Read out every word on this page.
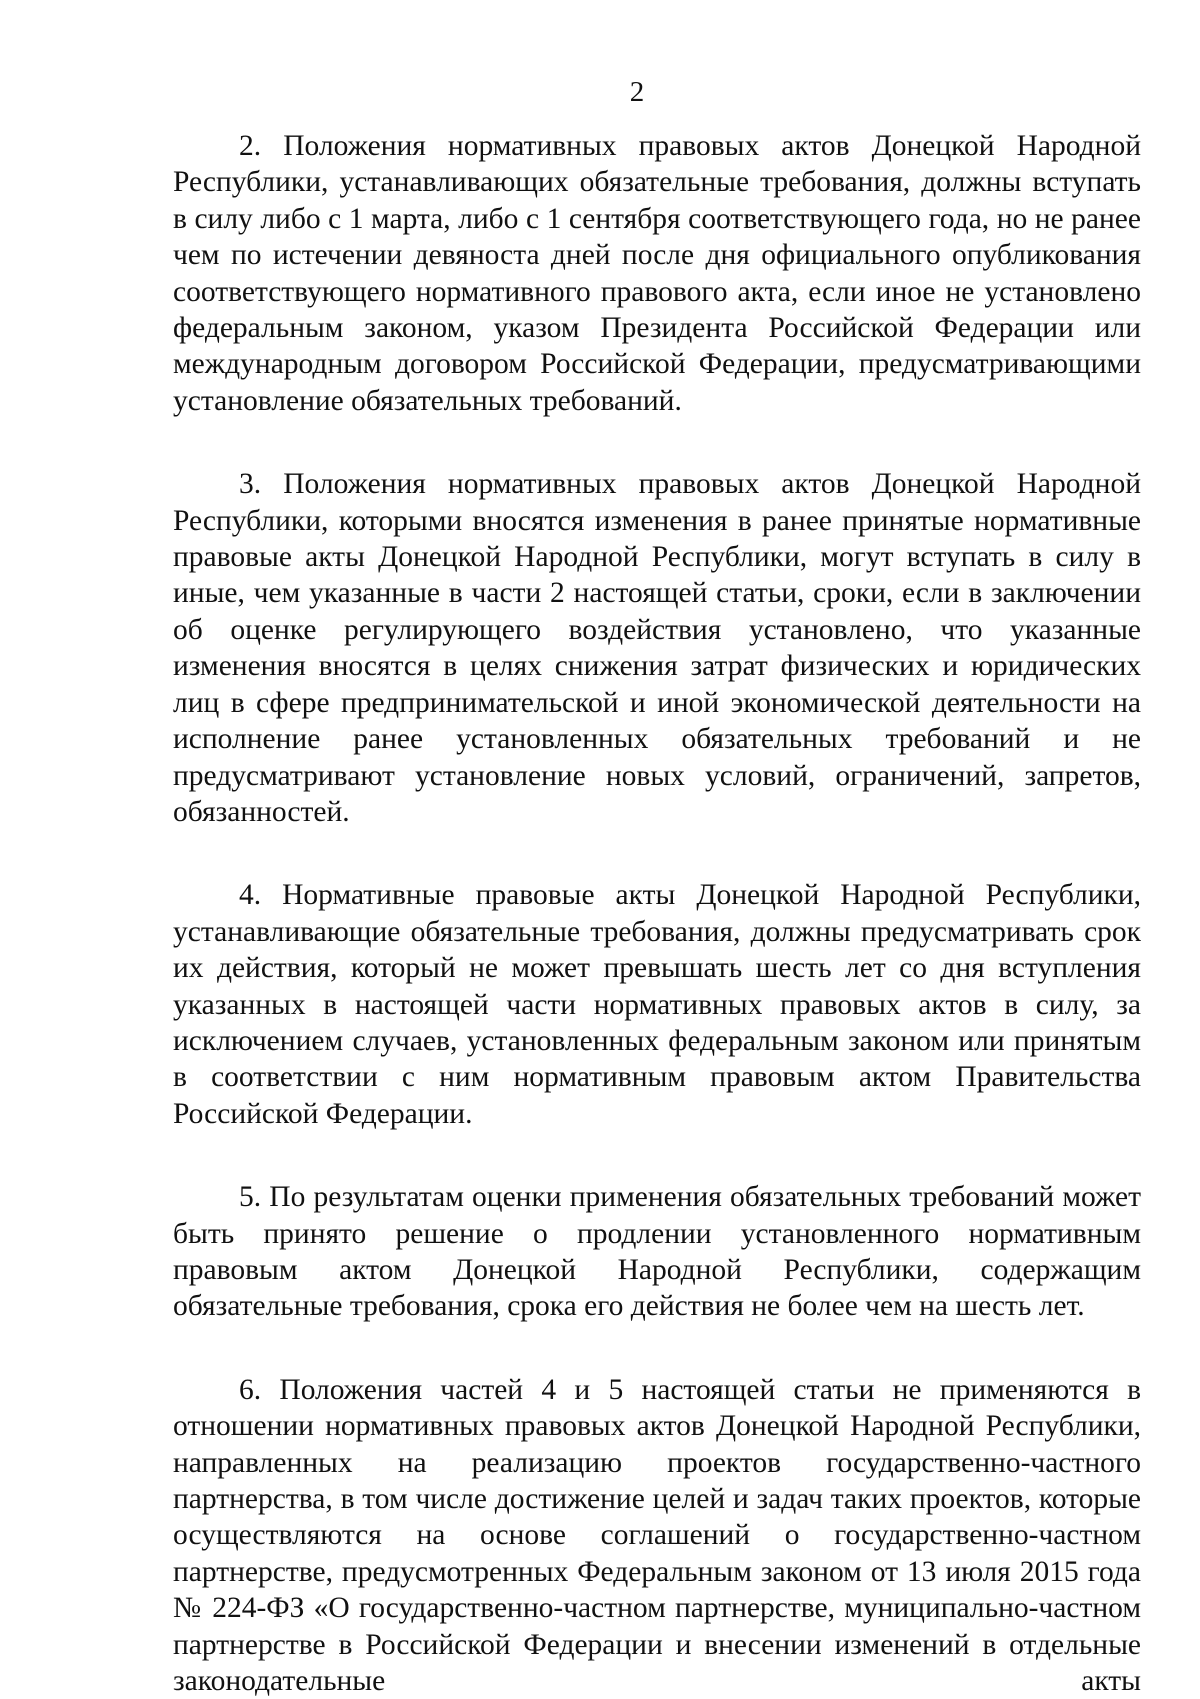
2

2. Положения нормативных правовых актов Донецкой Народной Республики, устанавливающих обязательные требования, должны вступать в силу либо с 1 марта, либо с 1 сентября соответствующего года, но не ранее чем по истечении девяноста дней после дня официального опубликования соответствующего нормативного правового акта, если иное не установлено федеральным законом, указом Президента Российской Федерации или международным договором Российской Федерации, предусматривающими установление обязательных требований.

3. Положения нормативных правовых актов Донецкой Народной Республики, которыми вносятся изменения в ранее принятые нормативные правовые акты Донецкой Народной Республики, могут вступать в силу в иные, чем указанные в части 2 настоящей статьи, сроки, если в заключении об оценке регулирующего воздействия установлено, что указанные изменения вносятся в целях снижения затрат физических и юридических лиц в сфере предпринимательской и иной экономической деятельности на исполнение ранее установленных обязательных требований и не предусматривают установление новых условий, ограничений, запретов, обязанностей.

4. Нормативные правовые акты Донецкой Народной Республики, устанавливающие обязательные требования, должны предусматривать срок их действия, который не может превышать шесть лет со дня вступления указанных в настоящей части нормативных правовых актов в силу, за исключением случаев, установленных федеральным законом или принятым в соответствии с ним нормативным правовым актом Правительства Российской Федерации.

5. По результатам оценки применения обязательных требований может быть принято решение о продлении установленного нормативным правовым актом Донецкой Народной Республики, содержащим обязательные требования, срока его действия не более чем на шесть лет.

6. Положения частей 4 и 5 настоящей статьи не применяются в отношении нормативных правовых актов Донецкой Народной Республики, направленных на реализацию проектов государственно-частного партнерства, в том числе достижение целей и задач таких проектов, которые осуществляются на основе соглашений о государственно-частном партнерстве, предусмотренных Федеральным законом от 13 июля 2015 года № 224-ФЗ «О государственно-частном партнерстве, муниципально-частном партнерстве в Российской Федерации и внесении изменений в отдельные законодательные акты
